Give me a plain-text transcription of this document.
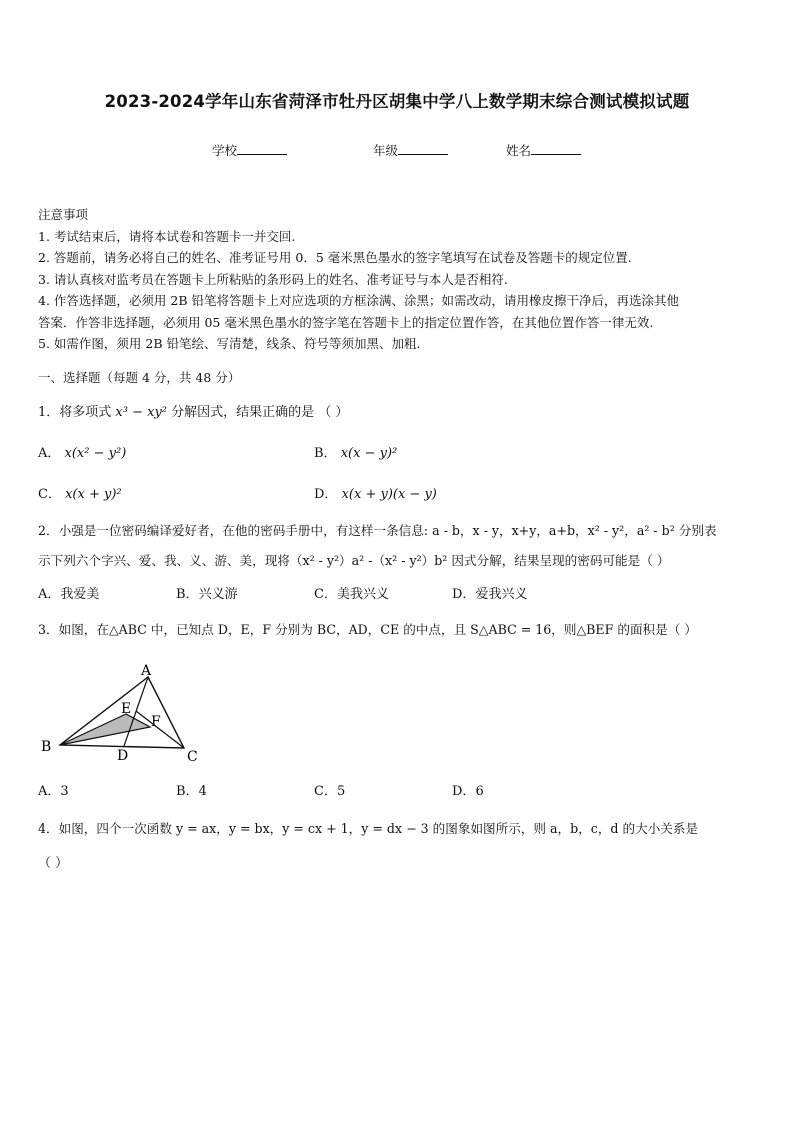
2023-2024学年山东省菏泽市牡丹区胡集中学八上数学期末综合测试模拟试题
学校	年级	姓名
注意事项
1. 考试结束后，请将本试卷和答题卡一并交回.
2. 答题前，请务必将自己的姓名、准考证号用 0．5 毫米黑色墨水的签字笔填写在试卷及答题卡的规定位置.
3. 请认真核对监考员在答题卡上所粘贴的条形码上的姓名、准考证号与本人是否相符.
4. 作答选择题，必须用 2B 铅笔将答题卡上对应选项的方框涂满、涂黑；如需改动，请用橡皮擦干净后，再选涂其他
答案．作答非选择题，必须用 05 毫米黑色墨水的签字笔在答题卡上的指定位置作答，在其他位置作答一律无效.
5. 如需作图，须用 2B 铅笔绘、写清楚，线条、符号等须加黑、加粗.
一、选择题（每题 4 分，共 48 分）
1．将多项式 x³ − xy² 分解因式，结果正确的是 （ ）
A． x(x² − y²)	B． x(x − y)²
C． x(x + y)²	D． x(x + y)(x − y)
2．小强是一位密码编译爱好者，在他的密码手册中，有这样一条信息: a - b，x - y，x+y，a+b，x² - y²，a² - b² 分别表
示下列六个字兴、爱、我、义、游、美，现将（x² - y²）a² -（x² - y²）b² 因式分解，结果呈现的密码可能是（ ）
A．我爱美	B．兴义游	C．美我兴义	D．爱我兴义
3．如图，在△ABC 中，已知点 D，E，F 分别为 BC，AD，CE 的中点，且 S△ABC = 16，则△BEF 的面积是（ ）
A
B
C
D
E
F
A．3	B．4	C．5	D．6
4．如图，四个一次函数 y = ax，y = bx，y = cx + 1，y = dx − 3 的图象如图所示，则 a，b，c，d 的大小关系是
（ ）
